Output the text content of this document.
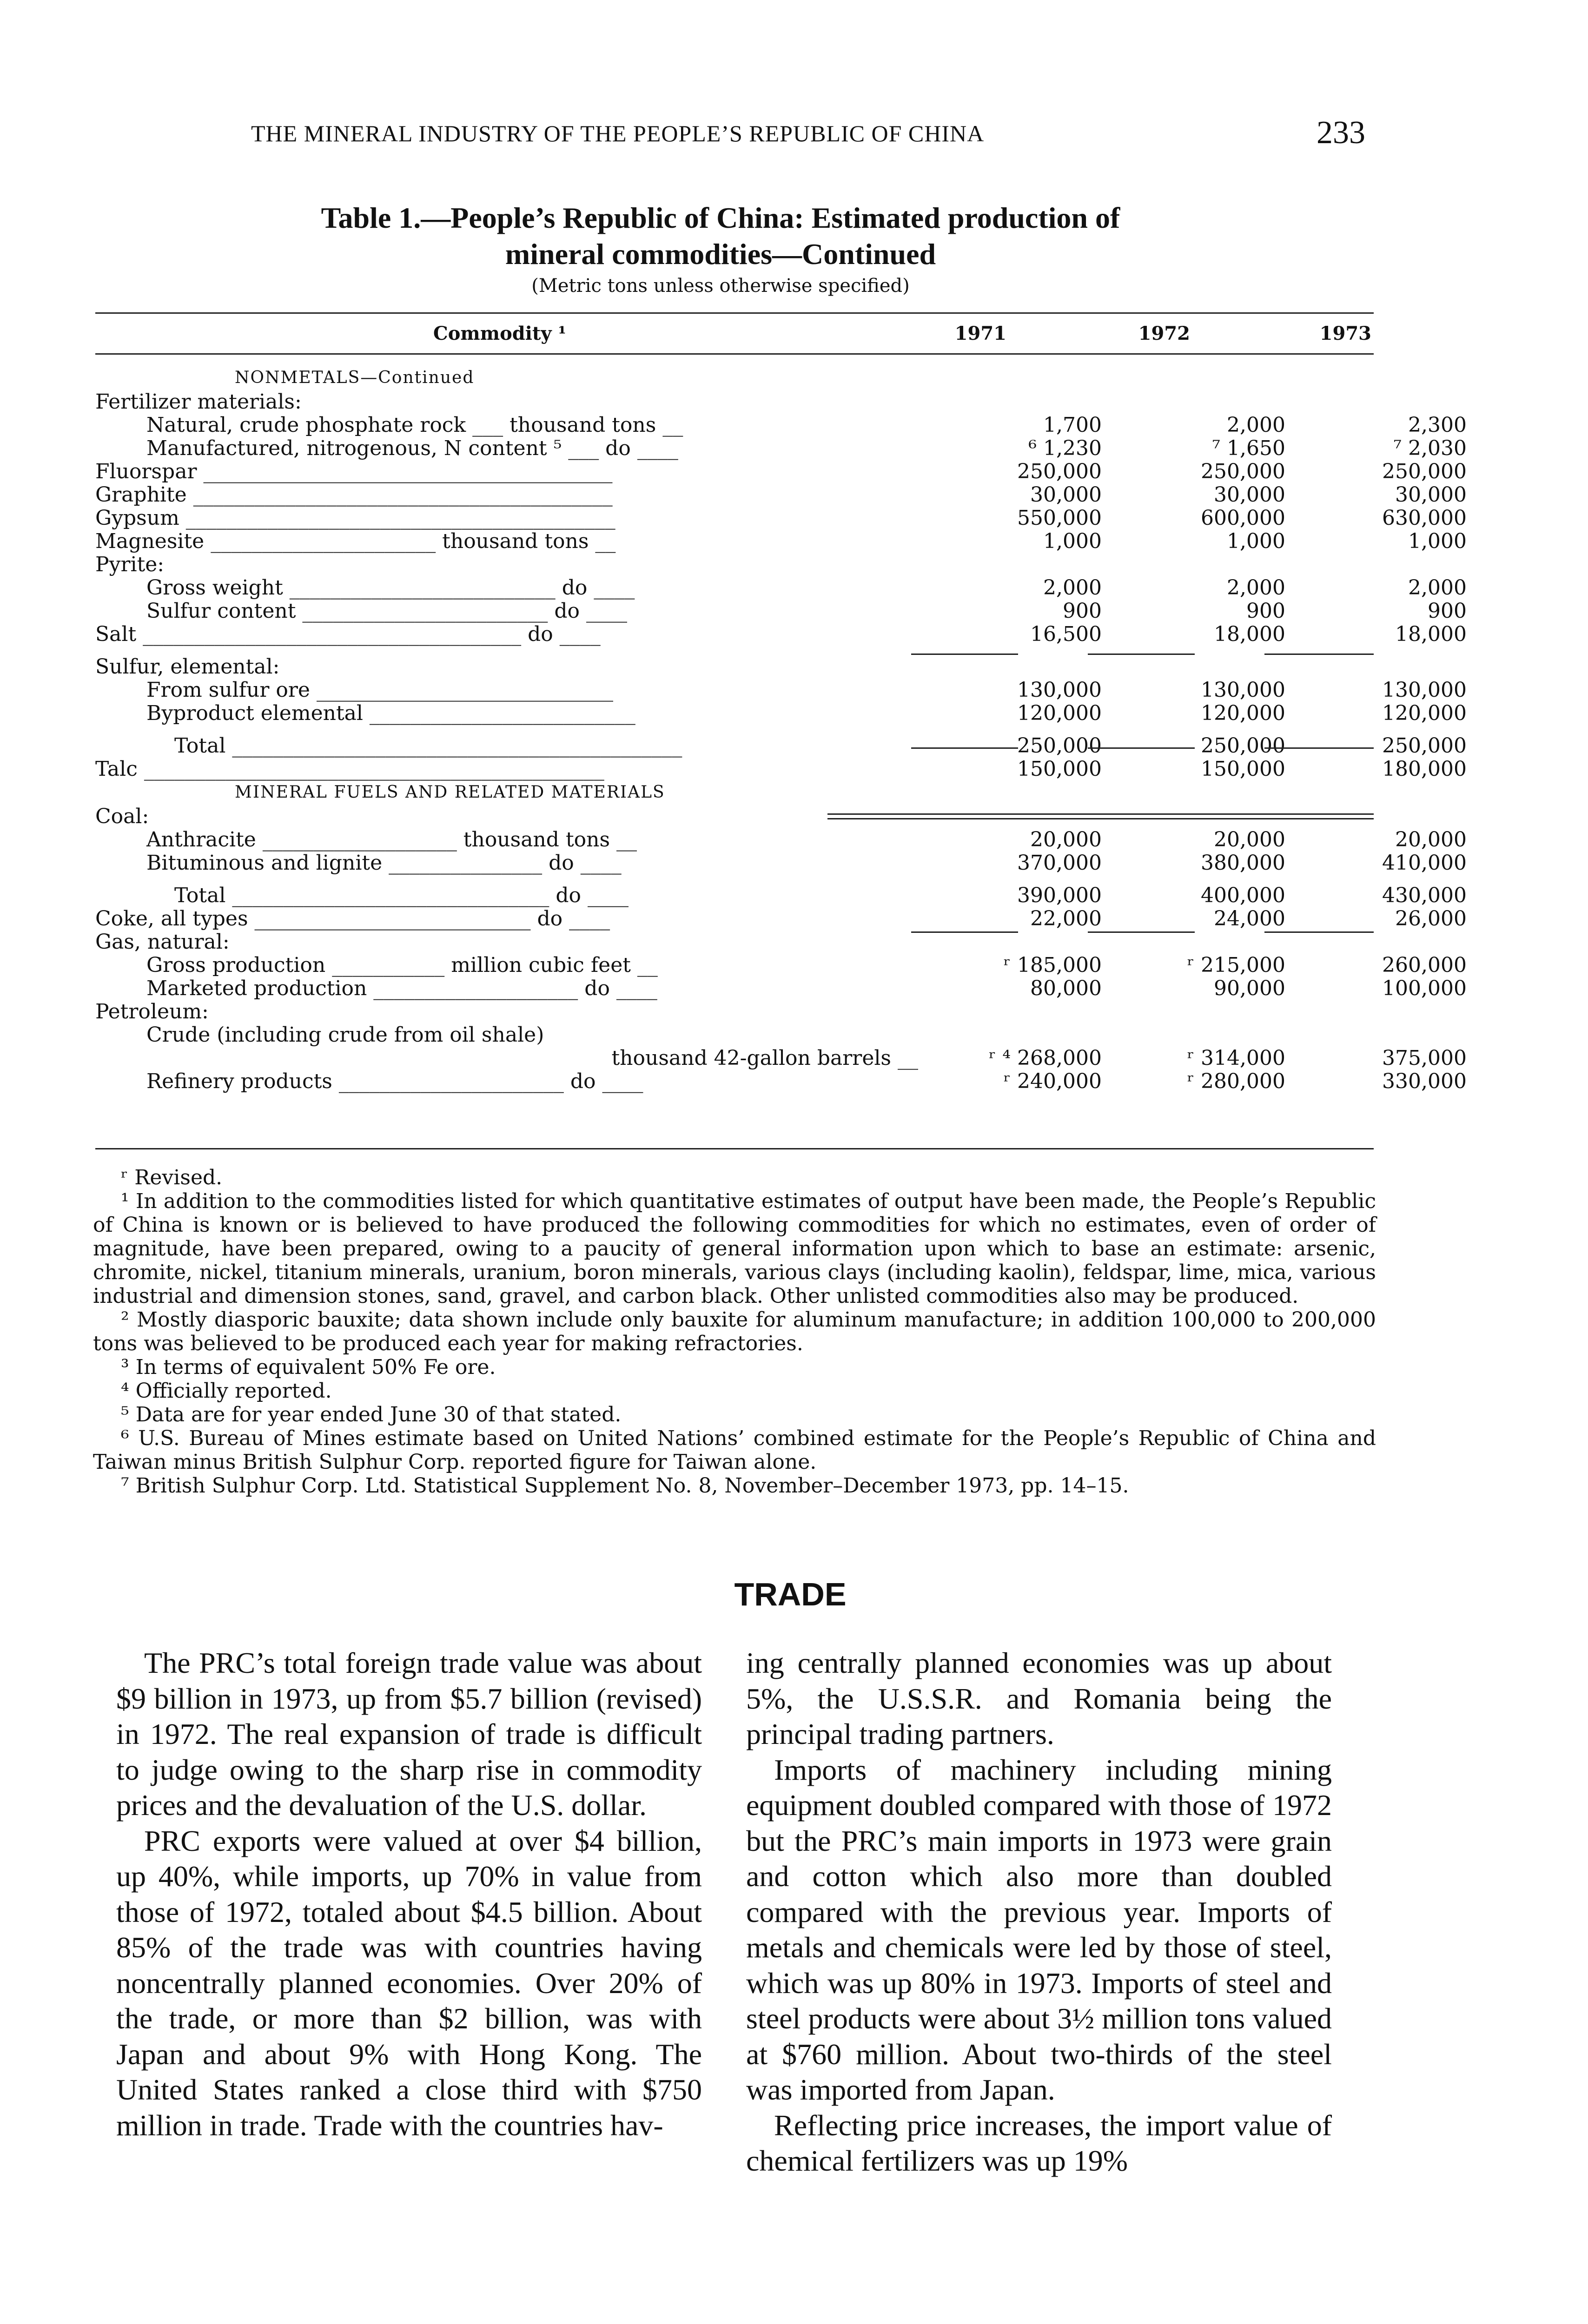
THE MINERAL INDUSTRY OF THE PEOPLE’S REPUBLIC OF CHINA	233
Table 1.—People’s Republic of China: Estimated production of
mineral commodities—Continued
(Metric tons unless otherwise specified)
Commodity ¹	1971	1972	1973
NONMETALS—Continued
Fertilizer materials:
Natural, crude phosphate rock ___ thousand tons __	1,700	2,000	2,300
Manufactured, nitrogenous, N content ⁵ ___ do ____	⁶ 1,230	⁷ 1,650	⁷ 2,030
Fluorspar ________________________________________	250,000	250,000	250,000
Graphite _________________________________________	30,000	30,000	30,000
Gypsum __________________________________________	550,000	600,000	630,000
Magnesite ______________________ thousand tons __	1,000	1,000	1,000
Pyrite:
Gross weight __________________________ do ____	2,000	2,000	2,000
Sulfur content ________________________ do ____	900	900	900
Salt _____________________________________ do ____	16,500	18,000	18,000
Sulfur, elemental:
From sulfur ore _____________________________	130,000	130,000	130,000
Byproduct elemental __________________________	120,000	120,000	120,000
Total ____________________________________________	250,000	250,000	250,000
Talc _____________________________________________	150,000	150,000	180,000
MINERAL FUELS AND RELATED MATERIALS
Coal:
Anthracite ___________________ thousand tons __	20,000	20,000	20,000
Bituminous and lignite _______________ do ____	370,000	380,000	410,000
Total _______________________________ do ____	390,000	400,000	430,000
Coke, all types ___________________________ do ____	22,000	24,000	26,000
Gas, natural:
Gross production ___________ million cubic feet __	ʳ 185,000	ʳ 215,000	260,000
Marketed production ____________________ do ____	80,000	90,000	100,000
Petroleum:
Crude (including crude from oil shale)
thousand 42-gallon barrels __	ʳ ⁴ 268,000	ʳ 314,000	375,000
Refinery products ______________________ do ____	ʳ 240,000	ʳ 280,000	330,000

ʳ Revised.

¹ In addition to the commodities listed for which quantitative estimates of output have been made, the People’s Republic of China is known or is believed to have produced the following commodities for which no estimates, even of order of magnitude, have been prepared, owing to a paucity of general information upon which to base an estimate: arsenic, chromite, nickel, titanium minerals, uranium, boron minerals, various clays (including kaolin), feldspar, lime, mica, various industrial and dimension stones, sand, gravel, and carbon black. Other unlisted commodities also may be produced.

² Mostly diasporic bauxite; data shown include only bauxite for aluminum manufacture; in addition 100,000 to 200,000 tons was believed to be produced each year for making refractories.

³ In terms of equivalent 50% Fe ore.

⁴ Officially reported.

⁵ Data are for year ended June 30 of that stated.

⁶ U.S. Bureau of Mines estimate based on United Nations’ combined estimate for the People’s Republic of China and Taiwan minus British Sulphur Corp. reported figure for Taiwan alone.

⁷ British Sulphur Corp. Ltd. Statistical Supplement No. 8, November–December 1973, pp. 14–15.

TRADE

The PRC’s total foreign trade value was about $9 billion in 1973, up from $5.7 billion (revised) in 1972. The real expansion of trade is difficult to judge owing to the sharp rise in commodity prices and the devaluation of the U.S. dollar.

PRC exports were valued at over $4 billion, up 40%, while imports, up 70% in value from those of 1972, totaled about $4.5 billion. About 85% of the trade was with countries having noncentrally planned economies. Over 20% of the trade, or more than $2 billion, was with Japan and about 9% with Hong Kong. The United States ranked a close third with $750 million in trade. Trade with the countries hav-

ing centrally planned economies was up about 5%, the U.S.S.R. and Romania being the principal trading partners.

Imports of machinery including mining equipment doubled compared with those of 1972 but the PRC’s main imports in 1973 were grain and cotton which also more than doubled compared with the previous year. Imports of metals and chemicals were led by those of steel, which was up 80% in 1973. Imports of steel and steel products were about 3½ million tons valued at $760 million. About two-thirds of the steel was imported from Japan.

Reflecting price increases, the import value of chemical fertilizers was up 19%
